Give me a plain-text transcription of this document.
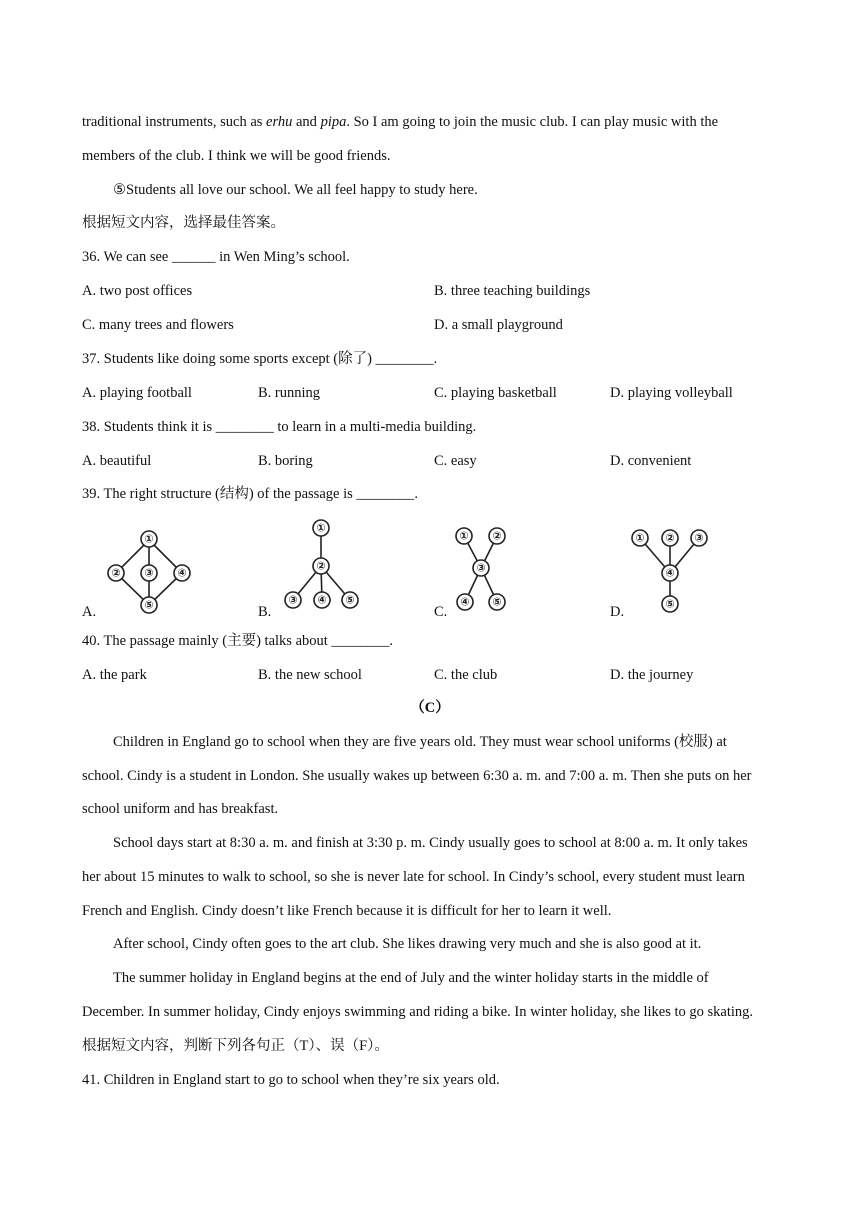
traditional instruments, such as erhu and pipa. So I am going to join the music club. I can play music with the
members of the club. I think we will be good friends.
⑤Students all love our school. We all feel happy to study here.
根据短文内容，选择最佳答案。
36. We can see ______ in Wen Ming’s school.
A. two post offices	B. three teaching buildings
C. many trees and flowers	D. a small playground
37. Students like doing some sports except (除了) ________.
A. playing football	B. running	C. playing basketball	D. playing volleyball
38. Students think it is ________ to learn in a multi-media building.
A. beautiful	B. boring	C. easy	D. convenient
39. The right structure (结构) of the passage is ________.
①
② ③ ④
⑤
A.
①
②
③ ④ ⑤
B.
① ②
③
④ ⑤
C.
① ② ③
④
⑤
D.
40. The passage mainly (主要) talks about ________.
A. the park	B. the new school	C. the club	D. the journey
（C）
Children in England go to school when they are five years old. They must wear school uniforms (校服) at
school. Cindy is a student in London. She usually wakes up between 6:30 a. m. and 7:00 a. m. Then she puts on her
school uniform and has breakfast.
School days start at 8:30 a. m. and finish at 3:30 p. m. Cindy usually goes to school at 8:00 a. m. It only takes
her about 15 minutes to walk to school, so she is never late for school. In Cindy’s school, every student must learn
French and English. Cindy doesn’t like French because it is difficult for her to learn it well.
After school, Cindy often goes to the art club. She likes drawing very much and she is also good at it.
The summer holiday in England begins at the end of July and the winter holiday starts in the middle of
December. In summer holiday, Cindy enjoys swimming and riding a bike. In winter holiday, she likes to go skating.
根据短文内容，判断下列各句正（T）、误（F）。
41. Children in England start to go to school when they’re six years old.
